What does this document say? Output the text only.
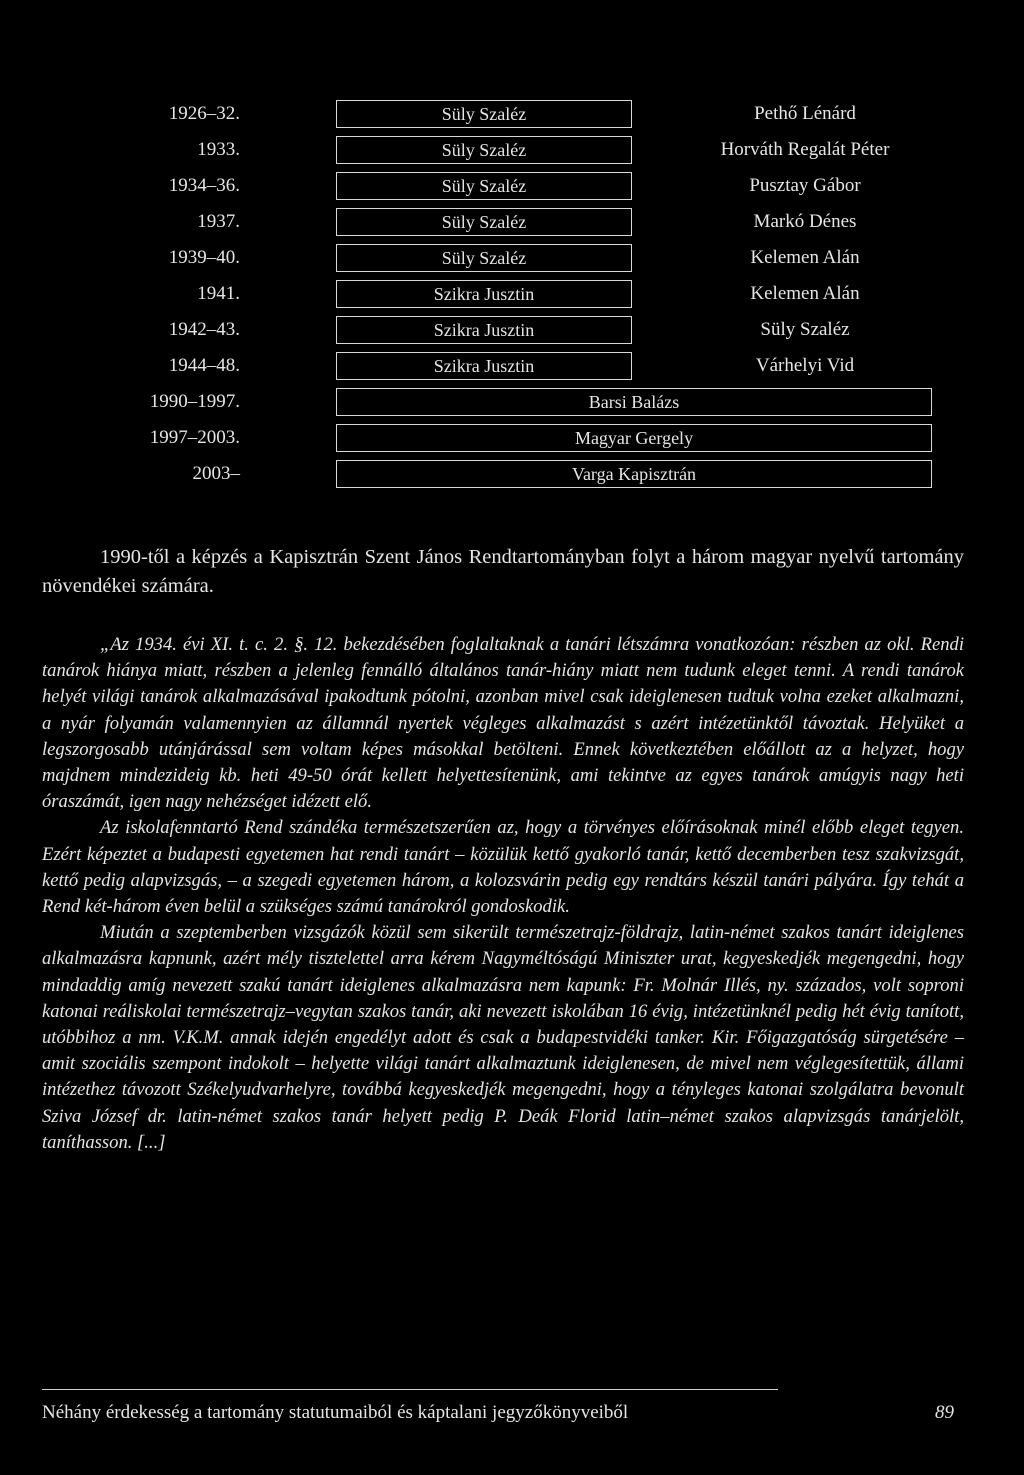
1926–32.	Süly Szaléz	Pethő Lénárd
1933.	Süly Szaléz	Horváth Regalát Péter
1934–36.	Süly Szaléz	Pusztay Gábor
1937.	Süly Szaléz	Markó Dénes
1939–40.	Süly Szaléz	Kelemen Alán
1941.	Szikra Jusztin	Kelemen Alán
1942–43.	Szikra Jusztin	Süly Szaléz
1944–48.	Szikra Jusztin	Várhelyi Vid
1990–1997.	Barsi Balázs
1997–2003.	Magyar Gergely
2003–	Varga Kapisztrán
1990-től a képzés a Kapisztrán Szent János Rendtartományban folyt a három magyar nyelvű tartomány növendékei számára.

„Az 1934. évi XI. t. c. 2. §. 12. bekezdésében foglaltaknak a tanári létszámra vonatkozóan: részben az okl. Rendi tanárok hiánya miatt, részben a jelenleg fennálló általános tanár-hiány miatt nem tudunk eleget tenni. A rendi tanárok helyét világi tanárok alkalmazásával ipakodtunk pótolni, azonban mivel csak ideiglenesen tudtuk volna ezeket alkalmazni, a nyár folyamán valamennyien az államnál nyertek végleges alkalmazást s azért intézetünktől távoztak. Helyüket a legszorgosabb utánjárással sem voltam képes másokkal betölteni. Ennek következtében előállott az a helyzet, hogy majdnem mindezideig kb. heti 49-50 órát kellett helyettesítenünk, ami tekintve az egyes tanárok amúgyis nagy heti óraszámát, igen nagy nehézséget idézett elő.

Az iskolafenntartó Rend szándéka természetszerűen az, hogy a törvényes előírásoknak minél előbb eleget tegyen. Ezért képeztet a budapesti egyetemen hat rendi tanárt – közülük kettő gyakorló tanár, kettő decemberben tesz szakvizsgát, kettő pedig alapvizsgás, – a szegedi egyetemen három, a kolozsvárin pedig egy rendtárs készül tanári pályára. Így tehát a Rend két-három éven belül a szükséges számú tanárokról gondoskodik.

Miután a szeptemberben vizsgázók közül sem sikerült természetrajz-földrajz, latin-német szakos tanárt ideiglenes alkalmazásra kapnunk, azért mély tisztelettel arra kérem Nagyméltóságú Miniszter urat, kegyeskedjék megengedni, hogy mindaddig amíg nevezett szakú tanárt ideiglenes alkalmazásra nem kapunk: Fr. Molnár Illés, ny. százados, volt soproni katonai reáliskolai természetrajz–vegytan szakos tanár, aki nevezett iskolában 16 évig, intézetünknél pedig hét évig tanított, utóbbihoz a nm. V.K.M. annak idején engedélyt adott és csak a budapestvidéki tanker. Kir. Főigazgatóság sürgetésére – amit szociális szempont indokolt – helyette világi tanárt alkalmaztunk ideiglenesen, de mivel nem véglegesítettük, állami intézethez távozott Székelyudvarhelyre, továbbá kegyeskedjék megengedni, hogy a tényleges katonai szolgálatra bevonult Sziva József dr. latin-német szakos tanár helyett pedig P. Deák Florid latin–német szakos alapvizsgás tanárjelölt, taníthasson. [...]

Néhány érdekesség a tartomány statutumaiból és káptalani jegyzőkönyveiből	89
